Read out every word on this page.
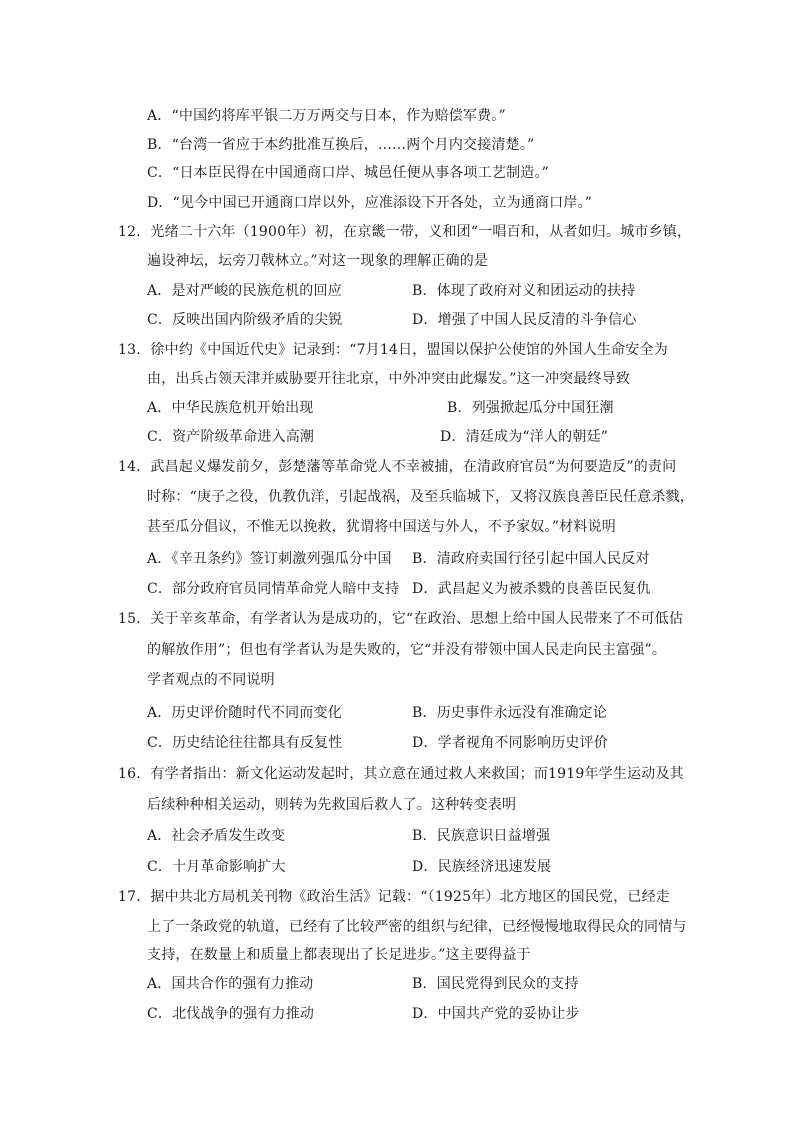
A．“中国约将库平银二万万两交与日本，作为赔偿军费。”
B．“台湾一省应于本约批准互换后，……两个月内交接清楚。”
C．“日本臣民得在中国通商口岸、城邑任便从事各项工艺制造。”
D．“见今中国已开通商口岸以外，应准添设下开各处，立为通商口岸。”
12．光绪二十六年（1900年）初，在京畿一带，义和团“一唱百和，从者如归。城市乡镇，
遍设神坛，坛旁刀戟林立。”对这一现象的理解正确的是
A．是对严峻的民族危机的回应	B．体现了政府对义和团运动的扶持
C．反映出国内阶级矛盾的尖锐	D．增强了中国人民反清的斗争信心
13．徐中约《中国近代史》记录到：“7月14日，盟国以保护公使馆的外国人生命安全为
由，出兵占领天津并威胁要开往北京，中外冲突由此爆发。”这一冲突最终导致
A．中华民族危机开始出现	B．列强掀起瓜分中国狂潮
C．资产阶级革命进入高潮	D．清廷成为“洋人的朝廷”
14．武昌起义爆发前夕，彭楚藩等革命党人不幸被捕，在清政府官员“为何要造反”的责问
时称：“庚子之役，仇教仇洋，引起战祸，及至兵临城下，又将汉族良善臣民任意杀戮，
甚至瓜分倡议，不惟无以挽救，犹谓将中国送与外人，不予家奴。”材料说明
A．《辛丑条约》签订刺激列强瓜分中国 B．清政府卖国行径引起中国人民反对
C．部分政府官员同情革命党人暗中支持 D．武昌起义为被杀戮的良善臣民复仇
15．关于辛亥革命，有学者认为是成功的，它“在政治、思想上给中国人民带来了不可低估
的解放作用”；但也有学者认为是失败的，它“并没有带领中国人民走向民主富强”。
学者观点的不同说明
A．历史评价随时代不同而变化	B．历史事件永远没有准确定论
C．历史结论往往都具有反复性	D．学者视角不同影响历史评价
16．有学者指出：新文化运动发起时，其立意在通过救人来救国；而1919年学生运动及其
后续种种相关运动，则转为先救国后救人了。这种转变表明
A．社会矛盾发生改变	B．民族意识日益增强
C．十月革命影响扩大	D．民族经济迅速发展
17．据中共北方局机关刊物《政治生活》记载：“（1925年）北方地区的国民党，已经走
上了一条政党的轨道，已经有了比较严密的组织与纪律，已经慢慢地取得民众的同情与
支持，在数量上和质量上都表现出了长足进步。”这主要得益于
A．国共合作的强有力推动	B．国民党得到民众的支持
C．北伐战争的强有力推动	D．中国共产党的妥协让步
